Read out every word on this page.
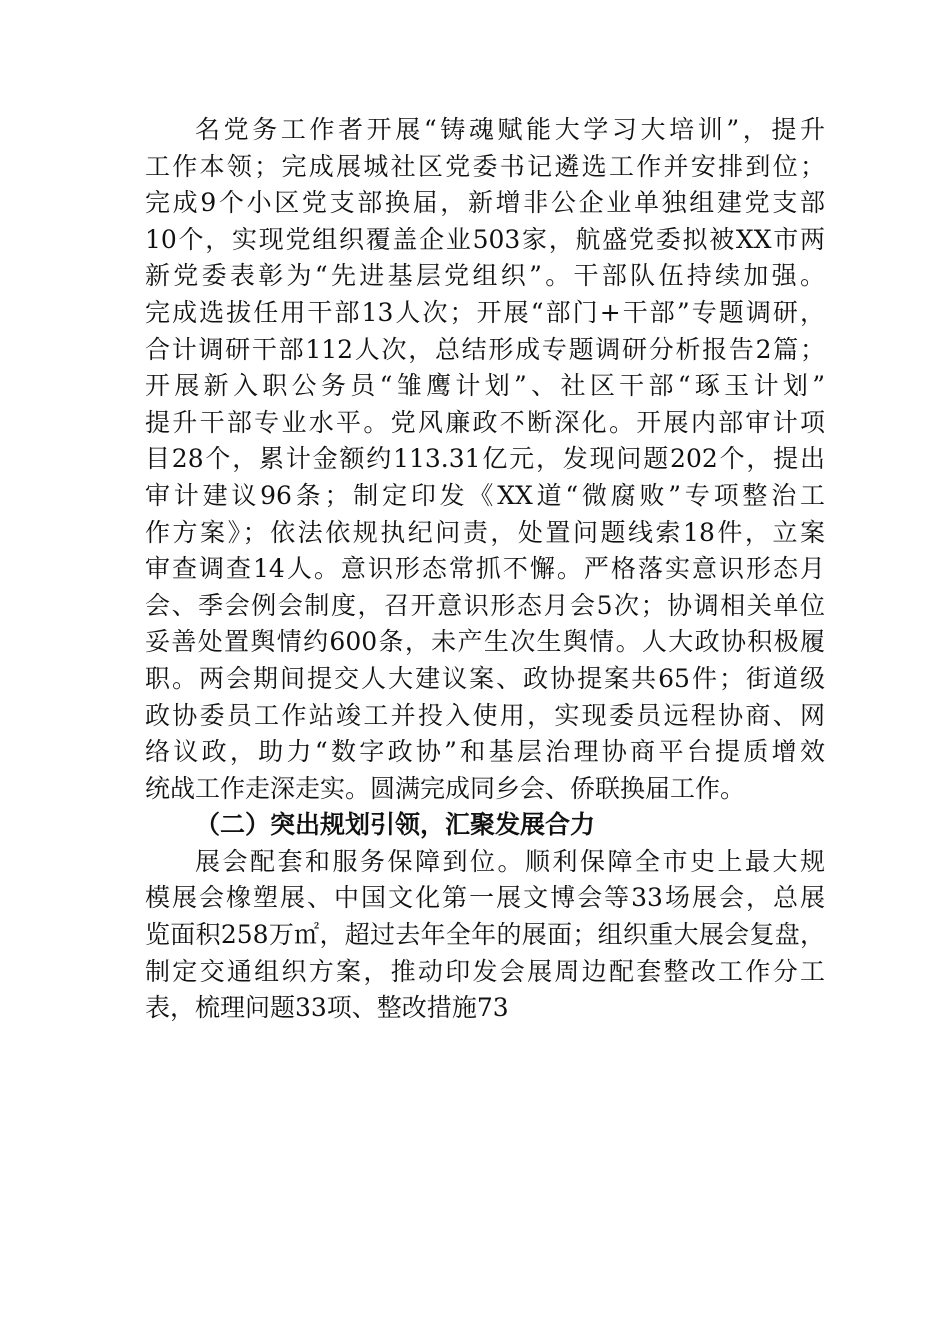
名党务工作者开展“铸魂赋能大学习大培训”，提升
工作本领；完成展城社区党委书记遴选工作并安排到位；
完成9个小区党支部换届，新增非公企业单独组建党支部
10个，实现党组织覆盖企业503家，航盛党委拟被XX市两
新党委表彰为“先进基层党组织”。干部队伍持续加强。
完成选拔任用干部13人次；开展“部门+干部”专题调研，
合计调研干部112人次，总结形成专题调研分析报告2篇；
开展新入职公务员“雏鹰计划”、社区干部“琢玉计划”
提升干部专业水平。党风廉政不断深化。开展内部审计项
目28个，累计金额约113.31亿元，发现问题202个，提出
审计建议96条；制定印发《XX道“微腐败”专项整治工
作方案》；依法依规执纪问责，处置问题线索18件，立案
审查调查14人。意识形态常抓不懈。严格落实意识形态月
会、季会例会制度，召开意识形态月会5次；协调相关单位
妥善处置舆情约600条，未产生次生舆情。人大政协积极履
职。两会期间提交人大建议案、政协提案共65件；街道级
政协委员工作站竣工并投入使用，实现委员远程协商、网
络议政，助力“数字政协”和基层治理协商平台提质增效
统战工作走深走实。圆满完成同乡会、侨联换届工作。
（二）突出规划引领，汇聚发展合力
展会配套和服务保障到位。顺利保障全市史上最大规
模展会橡塑展、中国文化第一展文博会等33场展会，总展
览面积258万㎡，超过去年全年的展面；组织重大展会复盘，
制定交通组织方案，推动印发会展周边配套整改工作分工
表，梳理问题33项、整改措施73
